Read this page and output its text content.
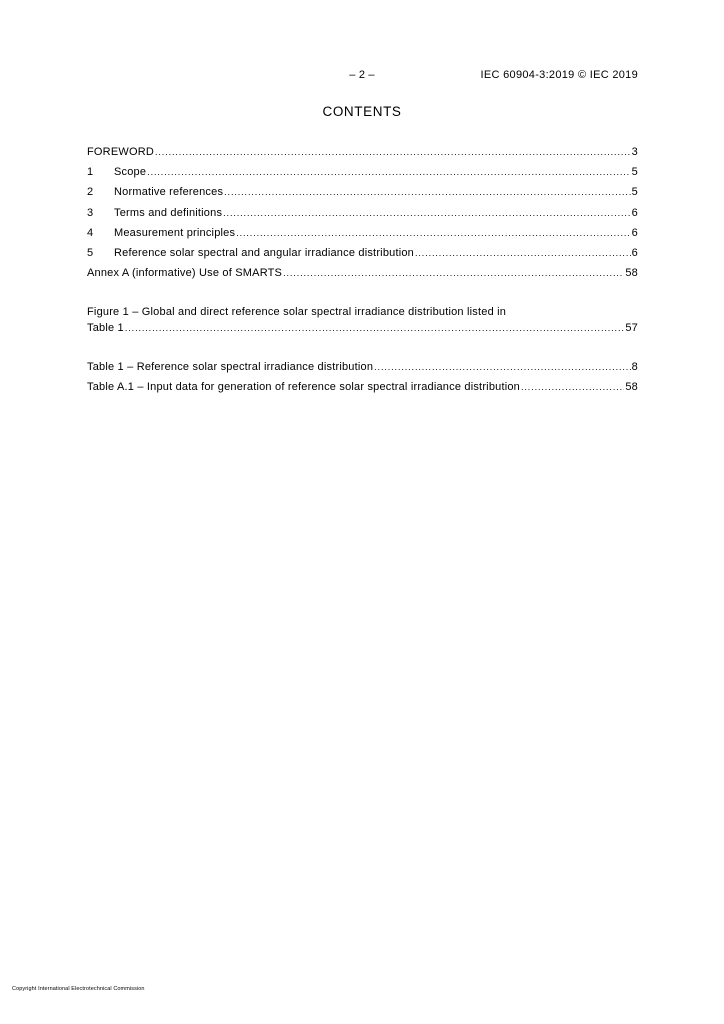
– 2 –	IEC 60904-3:2019 © IEC 2019
CONTENTS
FOREWORD .....	3
1	Scope .....	5
2	Normative references .....	5
3	Terms and definitions .....	6
4	Measurement principles .....	6
5	Reference solar spectral and angular irradiance distribution .....	6
Annex A (informative) Use of SMARTS .....	58
Figure 1 – Global and direct reference solar spectral irradiance distribution listed in
Table 1 .....	57
Table 1 – Reference solar spectral irradiance distribution .....	8
Table A.1 – Input data for generation of reference solar spectral irradiance distribution .....	58
Copyright International Electrotechnical Commission
